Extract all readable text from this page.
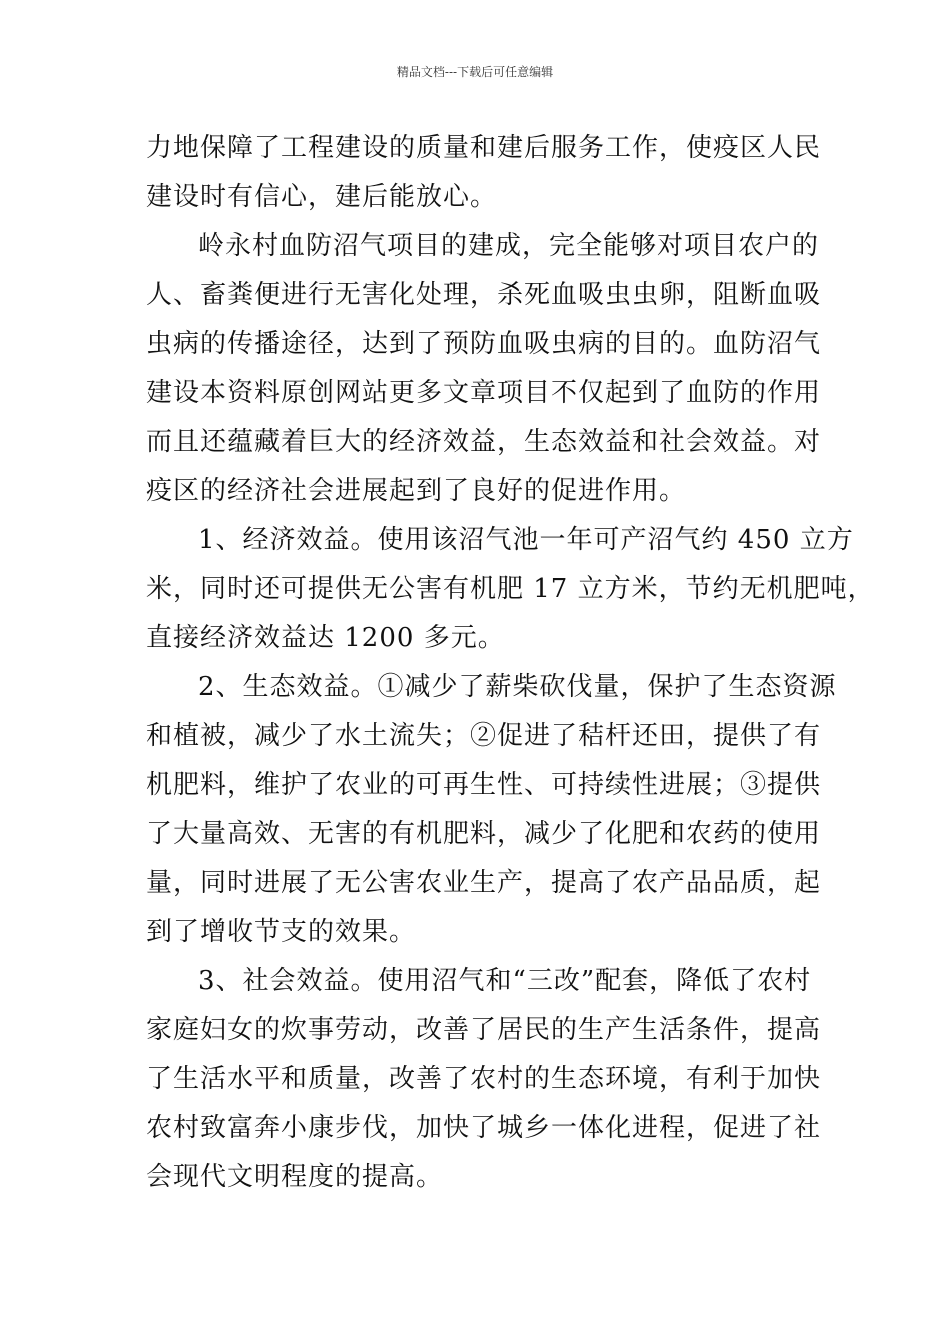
精品文档---下载后可任意编辑
力地保障了工程建设的质量和建后服务工作，使疫区人民
建设时有信心，建后能放心。
岭永村血防沼气项目的建成，完全能够对项目农户的
人、畜粪便进行无害化处理，杀死血吸虫虫卵，阻断血吸
虫病的传播途径，达到了预防血吸虫病的目的。血防沼气
建设本资料原创网站更多文章项目不仅起到了血防的作用
而且还蕴藏着巨大的经济效益，生态效益和社会效益。对
疫区的经济社会进展起到了良好的促进作用。
1、经济效益。使用该沼气池一年可产沼气约 450 立方
米，同时还可提供无公害有机肥 17 立方米，节约无机肥吨，
直接经济效益达 1200 多元。
2、生态效益。①减少了薪柴砍伐量，保护了生态资源
和植被，减少了水土流失；②促进了秸杆还田，提供了有
机肥料，维护了农业的可再生性、可持续性进展；③提供
了大量高效、无害的有机肥料，减少了化肥和农药的使用
量，同时进展了无公害农业生产，提高了农产品品质，起
到了增收节支的效果。
3、社会效益。使用沼气和“三改”配套，降低了农村
家庭妇女的炊事劳动，改善了居民的生产生活条件，提高
了生活水平和质量，改善了农村的生态环境，有利于加快
农村致富奔小康步伐，加快了城乡一体化进程，促进了社
会现代文明程度的提高。
